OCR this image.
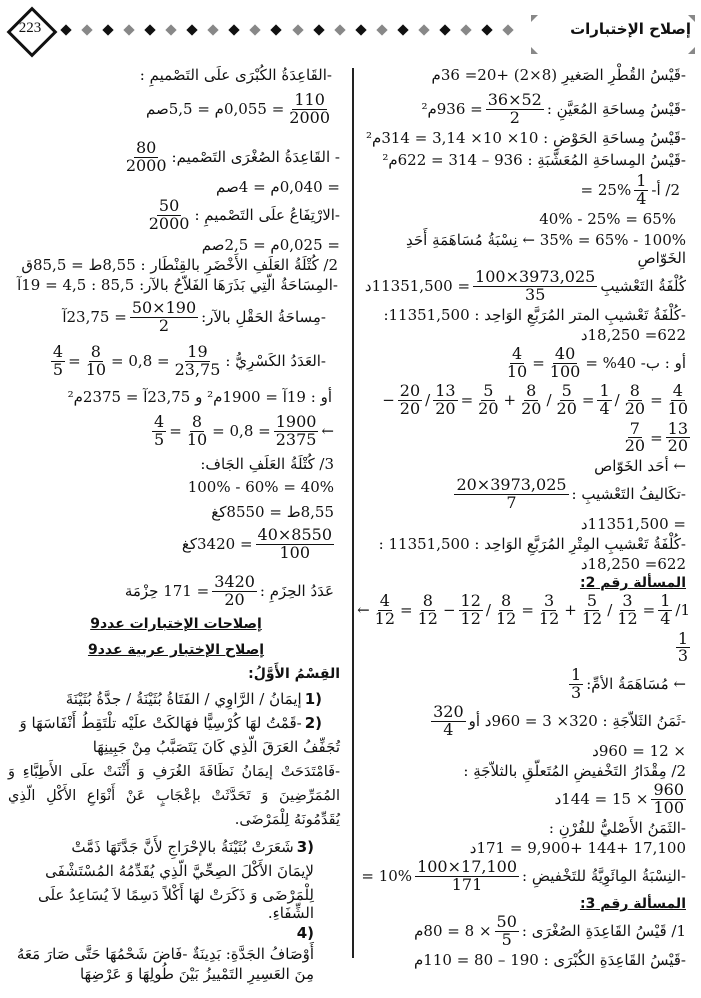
223	إصلاح الإختبارات
-قَيْسُ القُطْرِ الصَغيرِ (8×2) +20= 36م
-قَيْسُ مِساحَةِ المُعَيَّنِ :
$\frac{36\times 52}{2}$
= 936م²
-قَيْسُ مِساحَةِ الحَوْضِ : 10× 10× 3,14 = 314م²
-قَيْسُ المِساحَةِ المُعَشَّبَةِ : 936 – 314 = 622م²
2/ أ-
$\frac{1}{4}$
= 25%
40% - 25% = 65%
100% - 65% = 35% ← نِسْبَةُ مُسَاهَمَةِ أَحَدِ الخَوّاصِ
كُلْفَةُ التَعْشيبِ
$\frac{100\times 3973,025}{35}$
= 11351,500د
-كُلْفَةُ تَعْشيبِ المتر المُرَبَّعِ الوَاحِد : 11351,500:
622= 18,250د
أو : ب- 40% =
$\frac{40}{100}$
=
$\frac{4}{10}$
$\frac{4}{10}$
=
$\frac{8}{20}$
/
$\frac{1}{4}$
=
$\frac{5}{20}$
/
$\frac{8}{20}$
+
$\frac{5}{20}$
=
$\frac{13}{20}$
/
$\frac{20}{20}$
−
$\frac{13}{20}$
=
$\frac{7}{20}$
← أحَد الخَوّاص
-تكَاليفُ التَعْشيبِ :
$\frac{20\times 3973,025}{7}$
= 11351,500د
-كُلْفَةُ تَعْشيبِ المِتْرِ المُرَبَّعِ الوَاحِد : 11351,500 :
622= 18,250د
المسألة رقم 2:
/1
$\frac{1}{4}$
=
$\frac{3}{12}$
/
$\frac{5}{12}$
+
$\frac{3}{12}$
=
$\frac{8}{12}$
/
$\frac{12}{12}$
−
$\frac{8}{12}$
=
$\frac{4}{12}$
←
$\frac{1}{3}$
← مُسَاهَمَةُ الأمِّ:
$\frac{1}{3}$
-ثَمَنُ الثَلاّجَةِ : 320× 3 = 960د أو
$\frac{320}{4}$
× 12 = 960د
2/ مِقْدَارُ التَخْفيضِ المُتَعلّقِ بالثلاّجَةِ :
$\frac{960}{100}$
× 15 = 144د
-الثَمَنُ الأَصْليُّ للفُرْنِ :
17,100 +144 +9,900 = 171د
-النِسْبَةُ المِائَوِيَّةُ للتَخْفيضِ :
$\frac{100\times 17,100}{171}$
= 10%
المسألة رقم 3:
1/ قَيْسُ القَاعِدَةِ الصُغْرَى :
$\frac{50}{5}$
× 8 = 80م
-قَيْسُ القَاعِدَةِ الكُبْرَى : 190 – 80 = 110م
-القَاعِدَةُ الكُبْرَى علَى التَصْميمِ :
$\frac{110}{2000}$
= 0,055م = 5,5صم
- القَاعِدَةُ الصُغْرَى التَصْميم:
$\frac{80}{2000}$
= 0,040م = 4صم
-الارْتِفَاعُ علَى التَصْميمِ :
$\frac{50}{2000}$
= 0,025م = 2,5صم
2/ كُتْلَةُ العَلَفِ الأَخْضَرِ بالقِنْطَار : 8,55ط = 85,5ق
-المِسَاحَةُ الّتِي بَذَرَهَا الفَلاّحُ بالآر: 85,5 : 4,5 = 19آ
-مِساحَةُ الحَقْلِ بالآر:
$\frac{50\times 190}{2}$
= 23,75آ
-العَدَدُ الكَسْرِيُّ :
$\frac{19}{23,75}$
= 0,8 =
$\frac{8}{10}$
=
$\frac{4}{5}$
أو : 19آ = 1900م² و 23,75آ = 2375م²
←
$\frac{1900}{2375}$
= 0,8 =
$\frac{8}{10}$
=
$\frac{4}{5}$
3/ كُتْلَةُ العَلَفِ الجَاف:
100% - 60% = 40%
8,55ط = 8550كغ
$\frac{40\times 8550}{100}$
= 3420كغ
عَدَدُ الحِزَمِ :
$\frac{3420}{20}$
= 171 حِزْمَة
إصلاحات الإختبارات عدد9
إصلاح الإختبار عربية عدد9
القِسْمُ الأَوَّلُ:
1)
إيمَانُ / الرَّاوِي / الفَتَاةُ بُثَيْنَةُ / جدَّةُ بُثَيْنَةَ
2)
-قَمْتُ لهَا كُرْسِيًّا فهَالكَتْ علَيْه تلْتَقِطُ أَنْفَاسَهَا وَ
تُجَفِّفُ العَرَقَ الّذِي كَانَ يَتَصَبَّبُ مِنْ جَبِينِهَا
-فَامْتَدَحَتْ إيمَانُ نَظَافَةَ الغُرَفِ وَ أَثْنَتْ علَى الأَطِبَّاءِ وَ المُمَرِّضِينَ وَ تَحَدَّثَتْ بإعْجَابٍ عَنْ أَنْوَاعِ الأَكْلِ الّذِي يُقَدِّمُونَهُ لِلْمَرْضَى.
3)
شَعَرَتْ بُثَيْنَةُ بالإحْرَاجِ لأَنَّ جَدَّتَهَا ذَمَّتْ
لإيمَانَ الأَكْلَ الصِحِّيَّ الّذِي يُقَدِّمُهُ المُسْتَشْفَى
لِلْمَرْضَى وَ ذَكَرَتْ لهَا أَكْلاً دَسِمًا لاَ يُسَاعِدُ علَى الشِّفَاءِ.
4)
أَوْصَافُ الجَدَّةِ: بَدِينَةٌ -فَاضَ شَحْمُهَا حَتَّى صَارَ مَعَهُ
مِنَ العَسِيرِ التَمْييزُ بَيْنَ طُولِهَا وَ عَرْضِهَا
